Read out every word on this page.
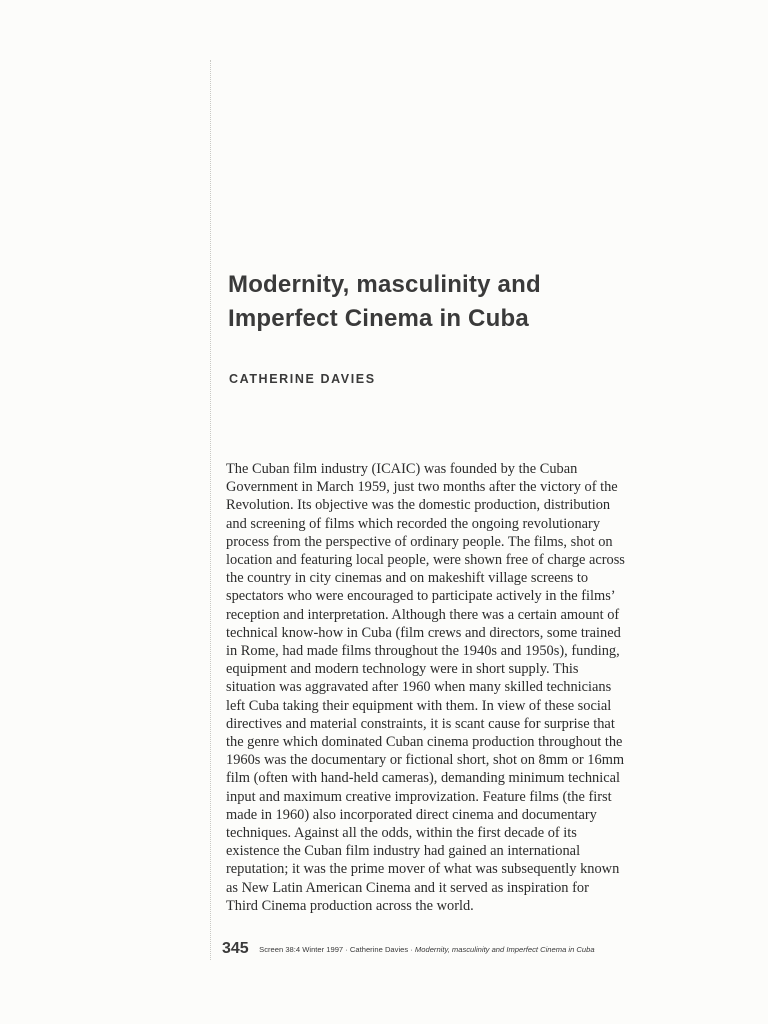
Modernity, masculinity and
Imperfect Cinema in Cuba
CATHERINE DAVIES

The Cuban film industry (ICAIC) was founded by the Cuban
Government in March 1959, just two months after the victory of the
Revolution. Its objective was the domestic production, distribution
and screening of films which recorded the ongoing revolutionary
process from the perspective of ordinary people. The films, shot on
location and featuring local people, were shown free of charge across
the country in city cinemas and on makeshift village screens to
spectators who were encouraged to participate actively in the films’
reception and interpretation. Although there was a certain amount of
technical know-how in Cuba (film crews and directors, some trained
in Rome, had made films throughout the 1940s and 1950s), funding,
equipment and modern technology were in short supply. This
situation was aggravated after 1960 when many skilled technicians
left Cuba taking their equipment with them. In view of these social
directives and material constraints, it is scant cause for surprise that
the genre which dominated Cuban cinema production throughout the
1960s was the documentary or fictional short, shot on 8mm or 16mm
film (often with hand-held cameras), demanding minimum technical
input and maximum creative improvization. Feature films (the first
made in 1960) also incorporated direct cinema and documentary
techniques. Against all the odds, within the first decade of its
existence the Cuban film industry had gained an international
reputation; it was the prime mover of what was subsequently known
as New Latin American Cinema and it served as inspiration for
Third Cinema production across the world.

345 Screen 38:4 Winter 1997 · Catherine Davies · Modernity, masculinity and Imperfect Cinema in Cuba
